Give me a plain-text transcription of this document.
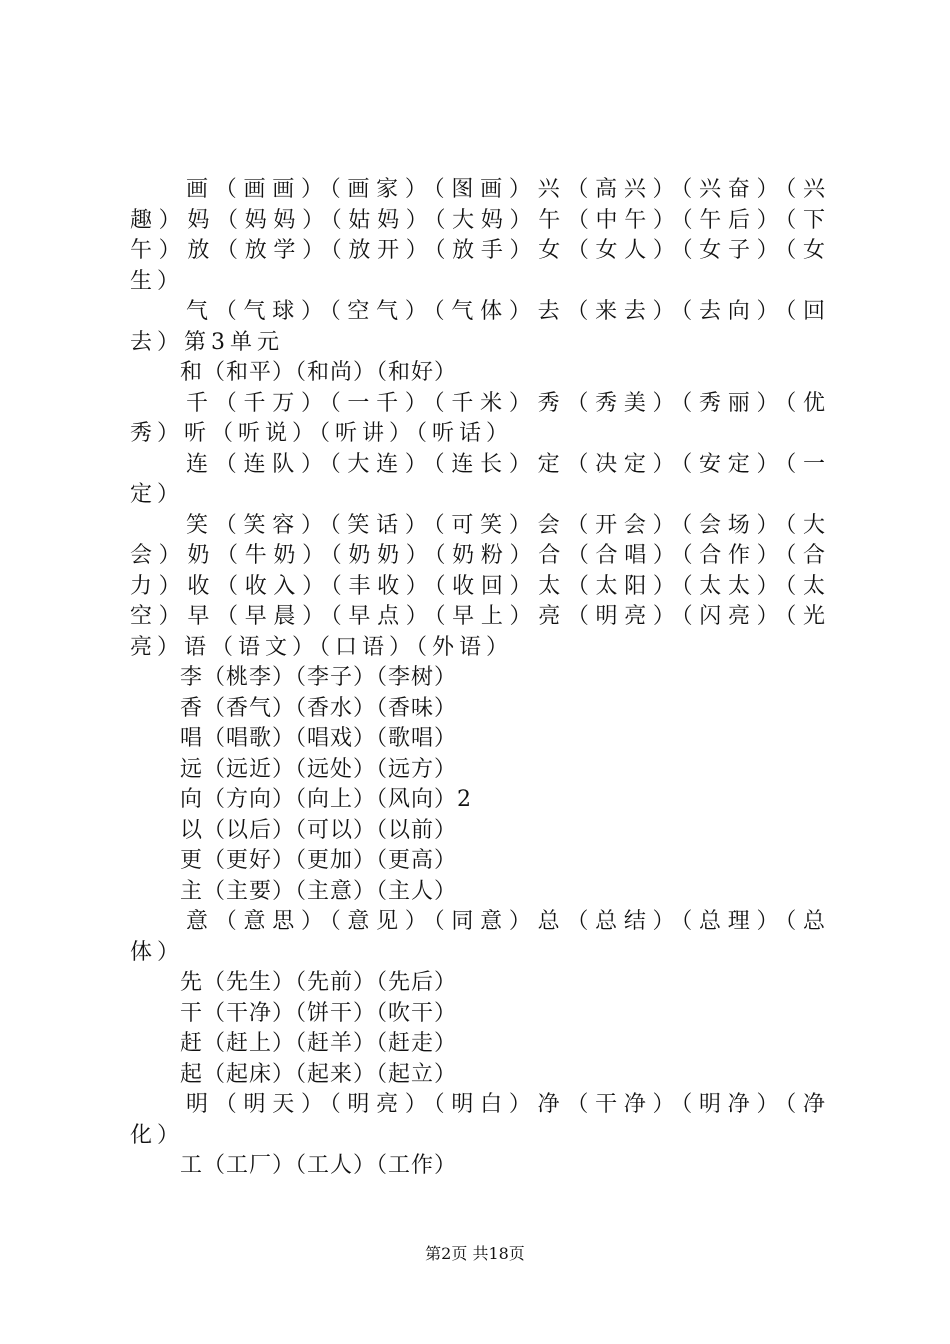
画（画画）（画家）（图画）兴（高兴）（兴奋）（兴趣）妈（妈妈）（姑妈）（大妈）午（中午）（午后）（下午）放（放学）（放开）（放手）女（女人）（女子）（女生）

气（气球）（空气）（气体）去（来去）（去向）（回去）第3单元

和（和平）（和尚）（和好）

千（千万）（一千）（千米）秀（秀美）（秀丽）（优秀）听（听说）（听讲）（听话）

连（连队）（大连）（连长）定（决定）（安定）（一定）

笑（笑容）（笑话）（可笑）会（开会）（会场）（大会）奶（牛奶）（奶奶）（奶粉）合（合唱）（合作）（合力）收（收入）（丰收）（收回）太（太阳）（太太）（太空）早（早晨）（早点）（早上）亮（明亮）（闪亮）（光亮）语（语文）（口语）（外语）

李（桃李）（李子）（李树）

香（香气）（香水）（香味）

唱（唱歌）（唱戏）（歌唱）

远（远近）（远处）（远方）

向（方向）（向上）（风向）2

以（以后）（可以）（以前）

更（更好）（更加）（更高）

主（主要）（主意）（主人）

意（意思）（意见）（同意）总（总结）（总理）（总体）

先（先生）（先前）（先后）

干（干净）（饼干）（吹干）

赶（赶上）（赶羊）（赶走）

起（起床）（起来）（起立）

明（明天）（明亮）（明白）净（干净）（明净）（净化）

工（工厂）（工人）（工作）

第2页 共18页
